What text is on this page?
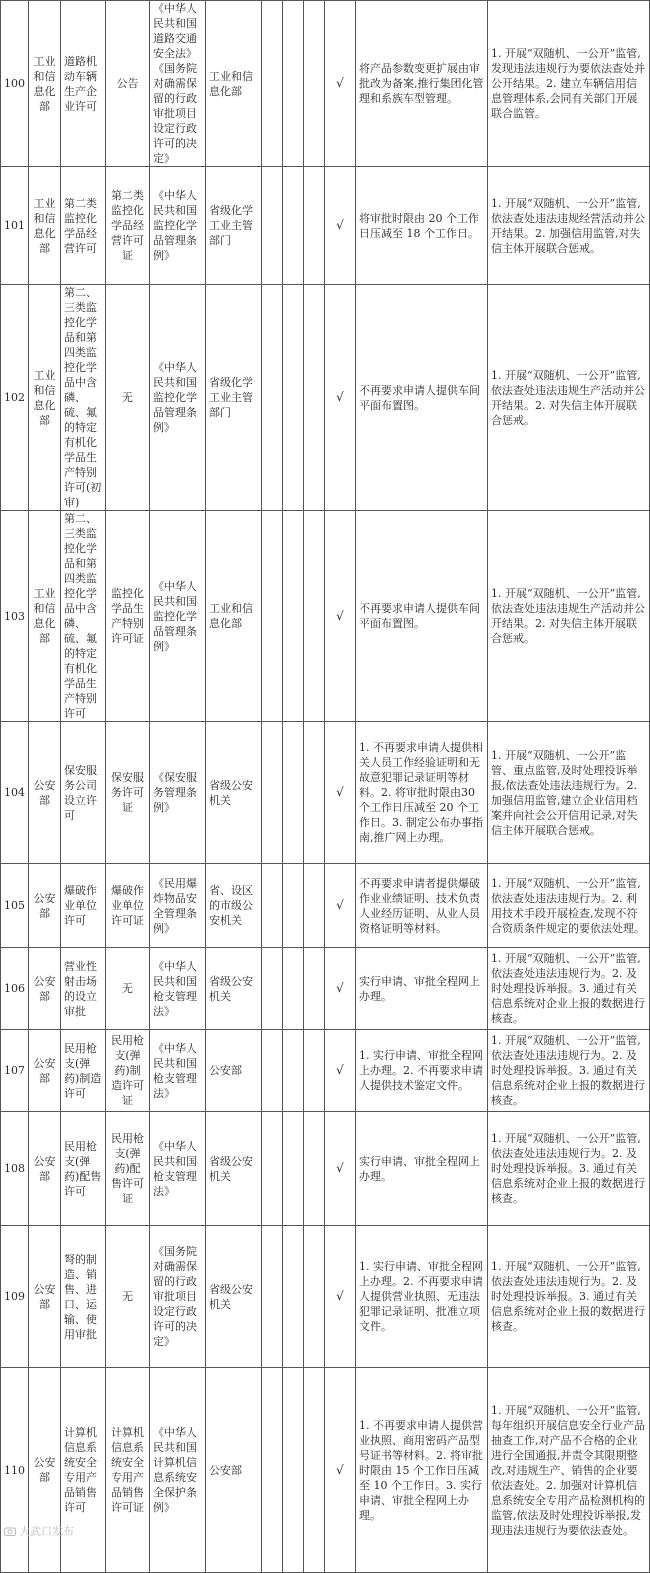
100	工业和信息化部	道路机动车辆生产企业许可	公告	《中华人民共和国道路交通安全法》《国务院对确需保留的行政审批项目设定行政许可的决定》	工业和信息化部				√	将产品参数变更扩展由审批改为备案,推行集团化管理和系族车型管理。	1. 开展“双随机、一公开”监管,发现违法违规行为要依法查处并公开结果。2. 建立车辆信用信息管理体系,会同有关部门开展联合监管。
101	工业和信息化部	第二类监控化学品经营许可	第二类监控化学品经营许可证	《中华人民共和国监控化学品管理条例》	省级化学工业主管部门				√	将审批时限由 20 个工作日压减至 18 个工作日。	1. 开展“双随机、一公开”监管,依法查处违法违规经营活动并公开结果。2. 加强信用监管,对失信主体开展联合惩戒。
102	工业和信息化部	第二、三类监控化学品和第四类监控化学品中含磷、硫、氟的特定有机化学品生产特别许可(初审)	无	《中华人民共和国监控化学品管理条例》	省级化学工业主管部门				√	不再要求申请人提供车间平面布置图。	1. 开展“双随机、一公开”监管,依法查处违法违规生产活动并公开结果。2. 对失信主体开展联合惩戒。
103	工业和信息化部	第二、三类监控化学品和第四类监控化学品中含磷、硫、氟的特定有机化学品生产特别许可	监控化学品生产特别许可证	《中华人民共和国监控化学品管理条例》	工业和信息化部				√	不再要求申请人提供车间平面布置图。	1. 开展“双随机、一公开”监管,依法查处违法违规生产活动并公开结果。2. 对失信主体开展联合惩戒。
104	公安部	保安服务公司设立许可	保安服务许可证	《保安服务管理条例》	省级公安机关				√	1. 不再要求申请人提供相关人员工作经验证明和无故意犯罪记录证明等材料。2. 将审批时限由30个工作日压减至 20 个工作日。3. 制定公布办事指南,推广网上办理。	1. 开展“双随机、一公开”监管、重点监管,及时处理投诉举报,依法查处违法违规行为。2. 加强信用监管,建立企业信用档案并向社会公开信用记录,对失信主体开展联合惩戒。
105	公安部	爆破作业单位许可	爆破作业单位许可证	《民用爆炸物品安全管理条例》	省、设区的市级公安机关				√	不再要求申请者提供爆破作业业绩证明、技术负责人业经历证明、从业人员资格证明等材料。	1. 开展“双随机、一公开”监管,依法查处违法违规行为。2. 利用技术手段开展检查,发现不符合资质条件规定的要依法处理。
106	公安部	营业性射击场的设立审批	无	《中华人民共和国枪支管理法》	省级公安机关				√	实行申请、审批全程网上办理。	1. 开展“双随机、一公开”监管,依法查处违法违规行为。2. 及时处理投诉举报。3. 通过有关信息系统对企业上报的数据进行核查。
107	公安部	民用枪支(弹药)制造许可	民用枪支(弹药)制造许可证	《中华人民共和国枪支管理法》	公安部				√	1. 实行申请、审批全程网上办理。2. 不再要求申请人提供技术鉴定文件。	1. 开展“双随机、一公开”监管,依法查处违法违规行为。2. 及时处理投诉举报。3. 通过有关信息系统对企业上报的数据进行核查。
108	公安部	民用枪支(弹药)配售许可	民用枪支(弹药)配售许可证	《中华人民共和国枪支管理法》	省级公安机关				√	实行申请、审批全程网上办理。	1. 开展“双随机、一公开”监管,依法查处违法违规行为。2. 及时处理投诉举报。3. 通过有关信息系统对企业上报的数据进行核查。
109	公安部	弩的制造、销售、进口、运输、使用审批	无	《国务院对确需保留的行政审批项目设定行政许可的决定》	省级公安机关				√	1. 实行申请、审批全程网上办理。2. 不再要求申请人提供营业执照、无违法犯罪记录证明、批准立项文件。	1. 开展“双随机、一公开”监管,依法查处违法违规行为。2. 及时处理投诉举报。3. 通过有关信息系统对企业上报的数据进行核查。
110	公安部	计算机信息系统安全专用产品销售许可	计算机信息系统安全专用产品销售许可证	《中华人民共和国计算机信息系统安全保护条例》	公安部				√	1. 不再要求申请人提供营业执照、商用密码产品型号证书等材料。2. 将审批时限由 15 个工作日压减至 10 个工作日。3. 实行申请、审批全程网上办理。	1. 开展“双随机、一公开”监管,每年组织开展信息安全行业产品抽查工作,对产品不合格的企业进行全国通报,并责令其限期整改,对违规生产、销售的企业要依法查处。2. 加强对计算机信息系统安全专用产品检测机构的监管,依法及时处理投诉举报,发现违法违规行为要依法查处。
大武口发布
